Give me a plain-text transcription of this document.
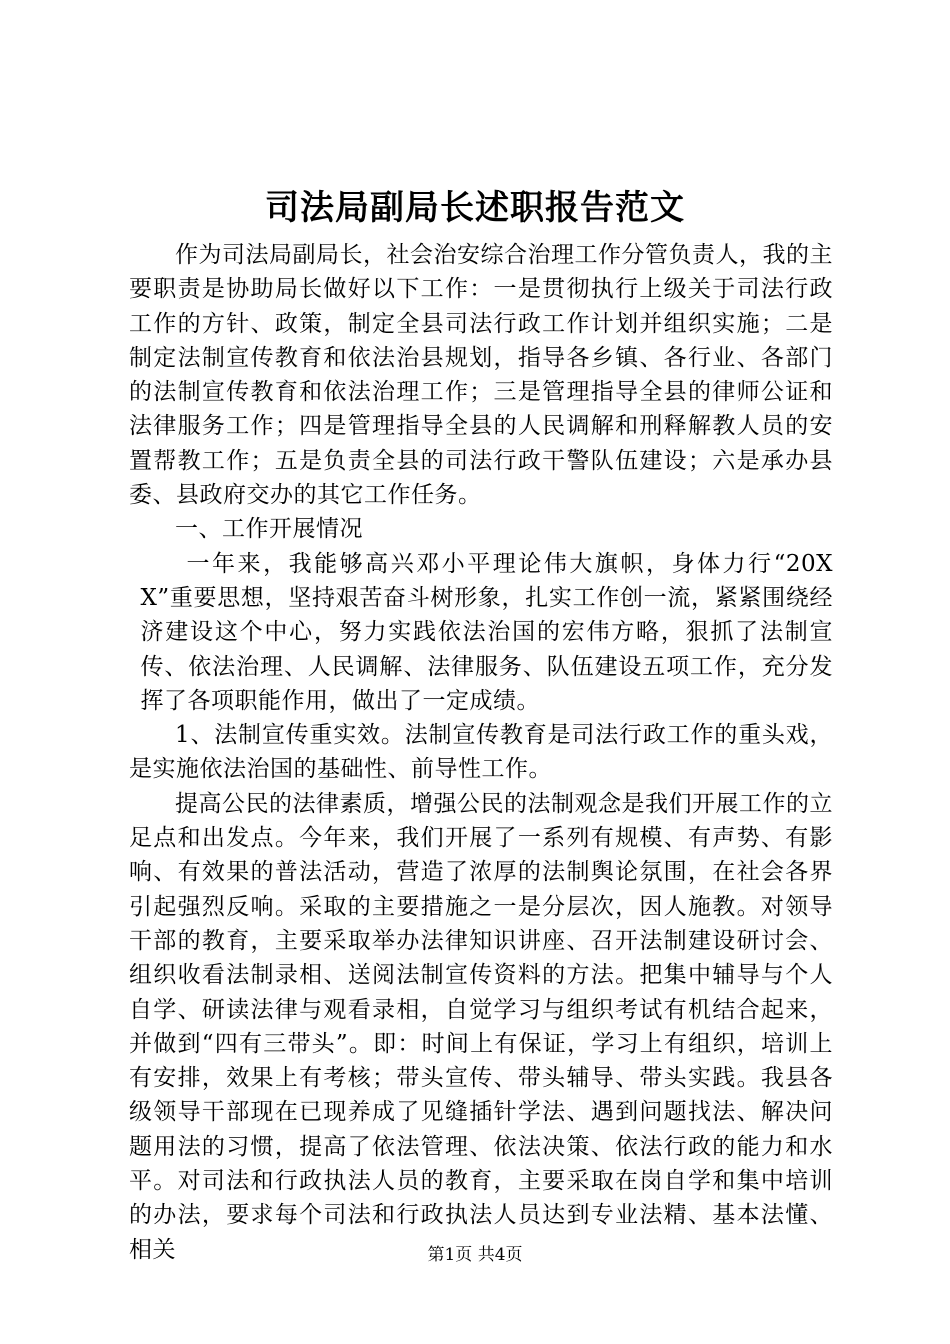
司法局副局长述职报告范文

作为司法局副局长，社会治安综合治理工作分管负责人，我的主要职责是协助局长做好以下工作：一是贯彻执行上级关于司法行政工作的方针、政策，制定全县司法行政工作计划并组织实施；二是制定法制宣传教育和依法治县规划，指导各乡镇、各行业、各部门的法制宣传教育和依法治理工作；三是管理指导全县的律师公证和法律服务工作；四是管理指导全县的人民调解和刑释解教人员的安置帮教工作；五是负责全县的司法行政干警队伍建设；六是承办县委、县政府交办的其它工作任务。

一、工作开展情况

一年来，我能够高兴邓小平理论伟大旗帜，身体力行“20XX”重要思想，坚持艰苦奋斗树形象，扎实工作创一流，紧紧围绕经济建设这个中心，努力实践依法治国的宏伟方略，狠抓了法制宣传、依法治理、人民调解、法律服务、队伍建设五项工作，充分发挥了各项职能作用，做出了一定成绩。

1、法制宣传重实效。法制宣传教育是司法行政工作的重头戏，是实施依法治国的基础性、前导性工作。

提高公民的法律素质，增强公民的法制观念是我们开展工作的立足点和出发点。今年来，我们开展了一系列有规模、有声势、有影响、有效果的普法活动，营造了浓厚的法制舆论氛围，在社会各界引起强烈反响。采取的主要措施之一是分层次，因人施教。对领导干部的教育，主要采取举办法律知识讲座、召开法制建设研讨会、组织收看法制录相、送阅法制宣传资料的方法。把集中辅导与个人自学、研读法律与观看录相，自觉学习与组织考试有机结合起来，并做到“四有三带头”。即：时间上有保证，学习上有组织，培训上有安排，效果上有考核；带头宣传、带头辅导、带头实践。我县各级领导干部现在已现养成了见缝插针学法、遇到问题找法、解决问题用法的习惯，提高了依法管理、依法决策、依法行政的能力和水平。对司法和行政执法人员的教育，主要采取在岗自学和集中培训的办法，要求每个司法和行政执法人员达到专业法精、基本法懂、相关	第1页 共4页
